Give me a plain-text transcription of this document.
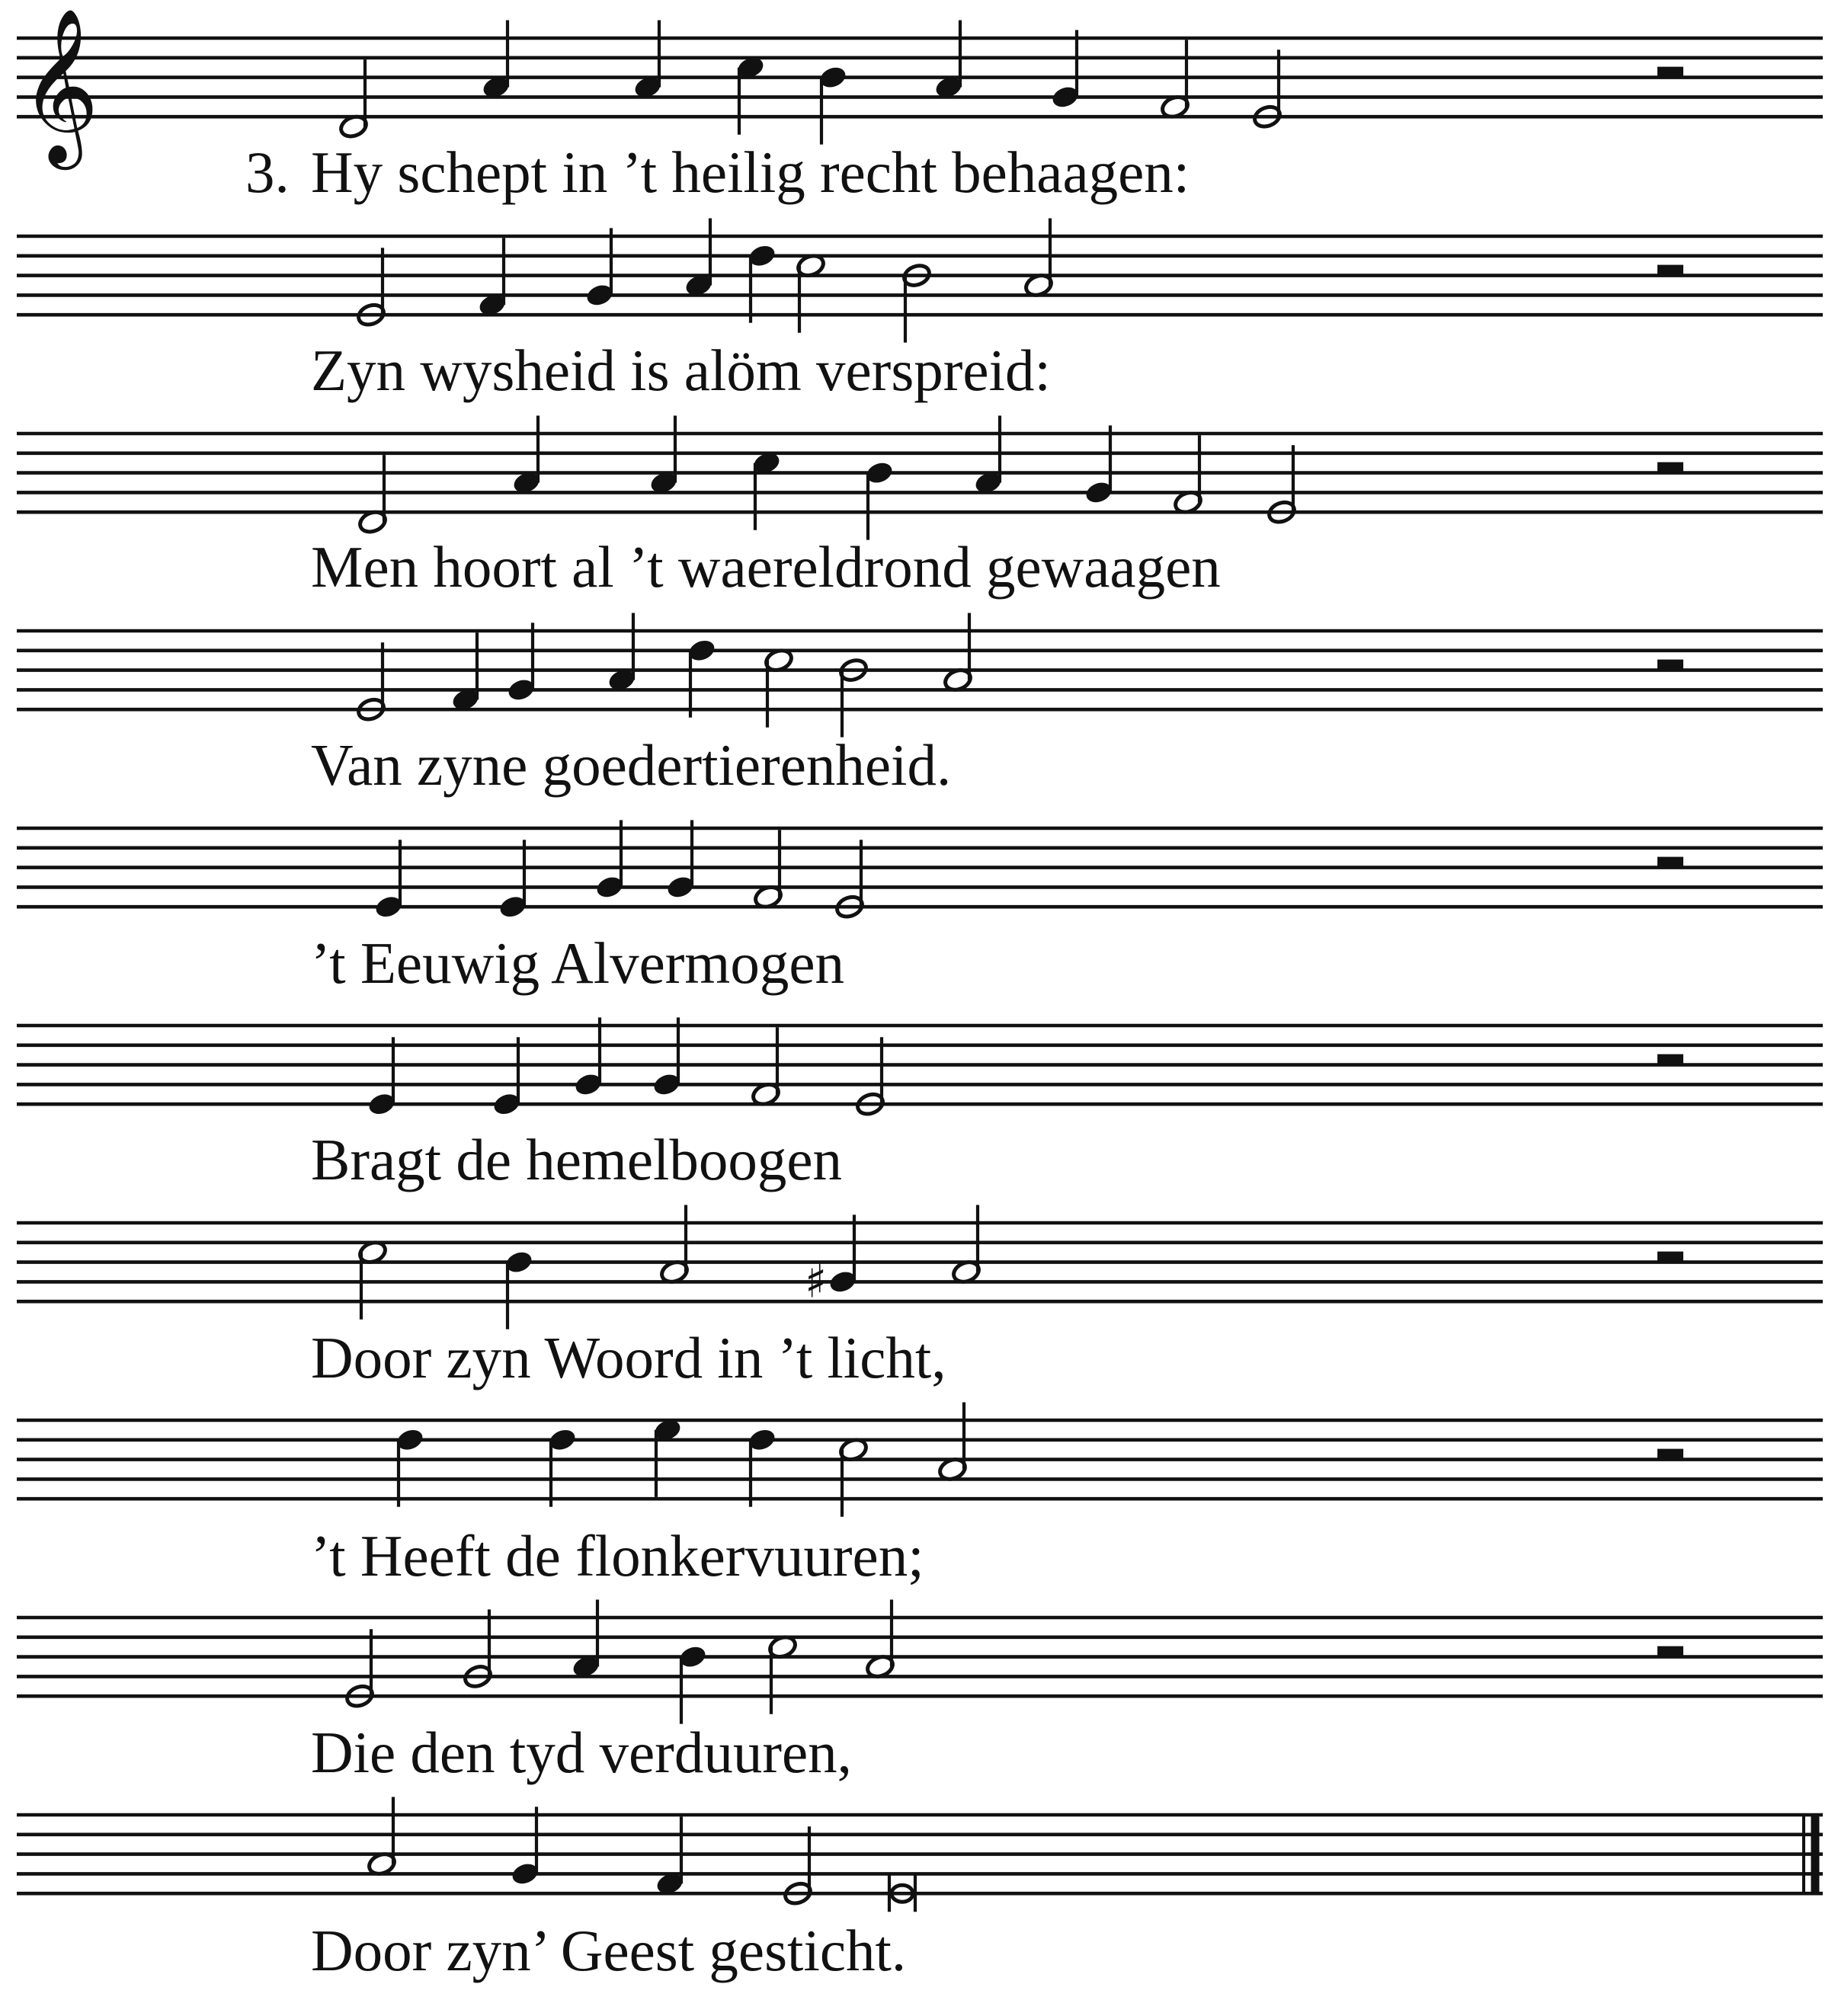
𝄞
3.
♯
Hy schept in ’t heilig recht behaagen:
Zyn wysheid is alöm verspreid:
Men hoort al ’t waereldrond gewaagen
Van zyne goedertierenheid.
’t Eeuwig Alvermogen
Bragt de hemelboogen
Door zyn Woord in ’t licht,
’t Heeft de flonkervuuren;
Die den tyd verduuren,
Door zyn’ Geest gesticht.
